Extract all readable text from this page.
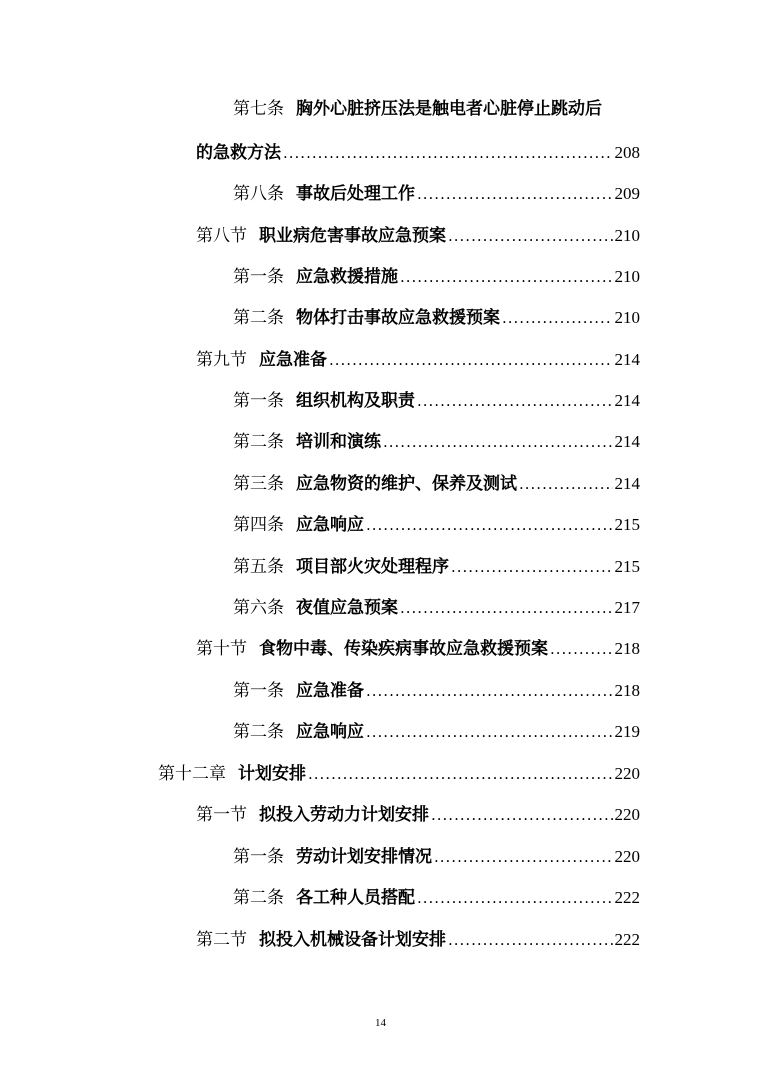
第七条 胸外心脏挤压法是触电者心脏停止跳动后
的急救方法 .....	208
第八条 事故后处理工作 .....	209
第八节 职业病危害事故应急预案 .....	210
第一条 应急救援措施 .....	210
第二条 物体打击事故应急救援预案 .....	210
第九节 应急准备 .....	214
第一条 组织机构及职责 .....	214
第二条 培训和演练 .....	214
第三条 应急物资的维护、保养及测试 .....	214
第四条 应急响应 .....	215
第五条 项目部火灾处理程序 .....	215
第六条 夜值应急预案 .....	217
第十节 食物中毒、传染疾病事故应急救援预案 .....	218
第一条 应急准备 .....	218
第二条 应急响应 .....	219
第十二章 计划安排 .....	220
第一节 拟投入劳动力计划安排 .....	220
第一条 劳动计划安排情况 .....	220
第二条 各工种人员搭配 .....	222
第二节 拟投入机械设备计划安排 .....	222
14
